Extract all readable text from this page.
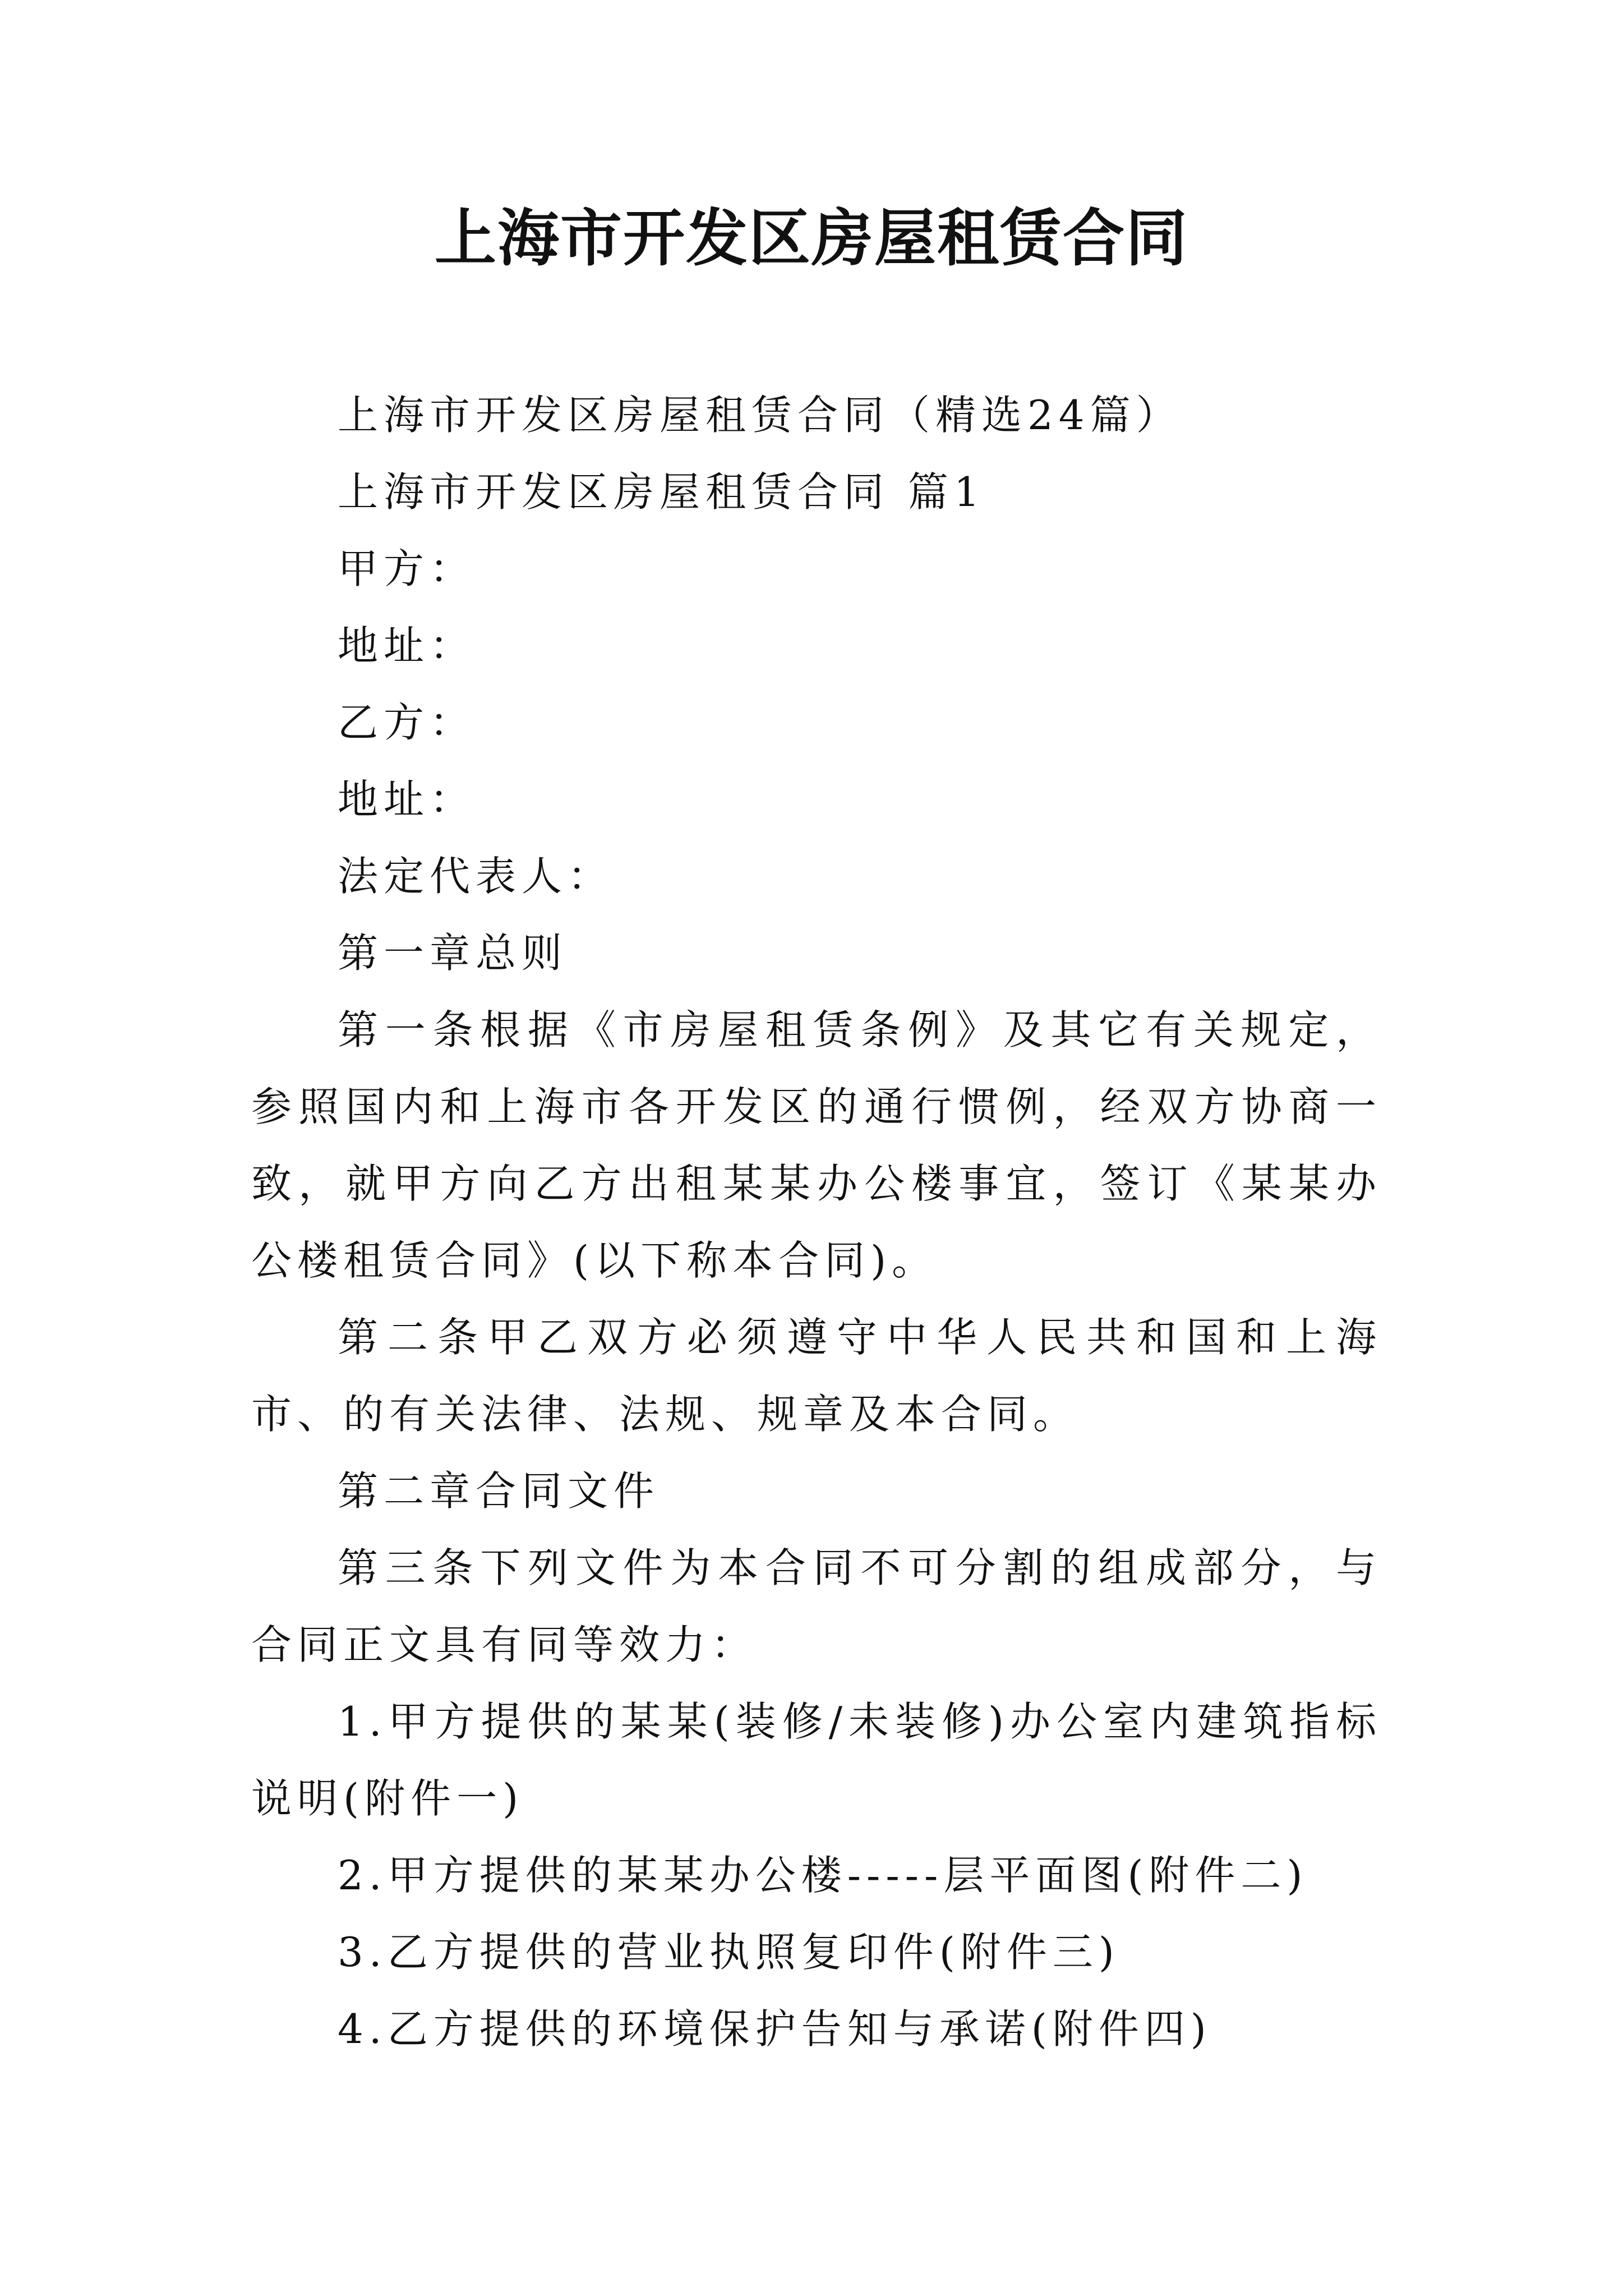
上海市开发区房屋租赁合同

上海市开发区房屋租赁合同（精选24篇）

上海市开发区房屋租赁合同 篇1

甲方：

地址：

乙方：

地址：

法定代表人：

第一章总则

第一条根据《市房屋租赁条例》及其它有关规定，参照国内和上海市各开发区的通行惯例，经双方协商一致，就甲方向乙方出租某某办公楼事宜，签订《某某办公楼租赁合同》(以下称本合同)。

第二条甲乙双方必须遵守中华人民共和国和上海市、的有关法律、法规、规章及本合同。

第二章合同文件

第三条下列文件为本合同不可分割的组成部分，与合同正文具有同等效力：

1.甲方提供的某某(装修/未装修)办公室内建筑指标说明(附件一)

2.甲方提供的某某办公楼-----层平面图(附件二)

3.乙方提供的营业执照复印件(附件三)

4.乙方提供的环境保护告知与承诺(附件四)
